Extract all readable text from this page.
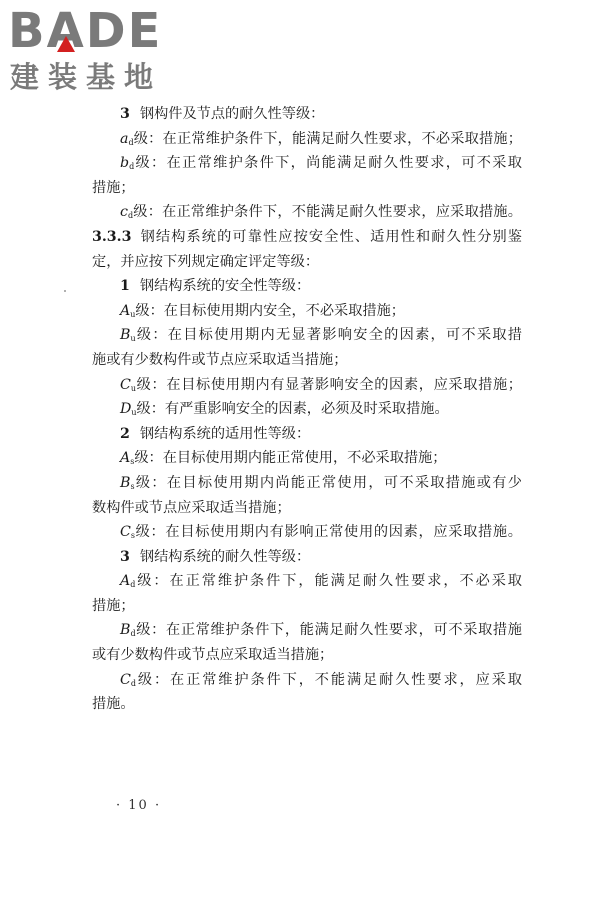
BADE
建装基地
3 钢构件及节点的耐久性等级：
$a_d$级：在正常维护条件下，能满足耐久性要求，不必采取措施；
$b_d$级：在正常维护条件下，尚能满足耐久性要求，可不采取
措施；
$c_d$级：在正常维护条件下，不能满足耐久性要求，应采取措施。
3.3.3 钢结构系统的可靠性应按安全性、适用性和耐久性分别鉴
定，并应按下列规定确定评定等级：
1 钢结构系统的安全性等级：
$A_u$级：在目标使用期内安全，不必采取措施；
$B_u$级：在目标使用期内无显著影响安全的因素，可不采取措
施或有少数构件或节点应采取适当措施；
$C_u$级：在目标使用期内有显著影响安全的因素，应采取措施；
$D_u$级：有严重影响安全的因素，必须及时采取措施。
2 钢结构系统的适用性等级：
$A_s$级：在目标使用期内能正常使用，不必采取措施；
$B_s$级：在目标使用期内尚能正常使用，可不采取措施或有少
数构件或节点应采取适当措施；
$C_s$级：在目标使用期内有影响正常使用的因素，应采取措施。
3 钢结构系统的耐久性等级：
$A_d$级：在正常维护条件下，能满足耐久性要求，不必采取
措施；
$B_d$级：在正常维护条件下，能满足耐久性要求，可不采取措施
或有少数构件或节点应采取适当措施；
$C_d$级：在正常维护条件下，不能满足耐久性要求，应采取
措施。
· 10 ·
